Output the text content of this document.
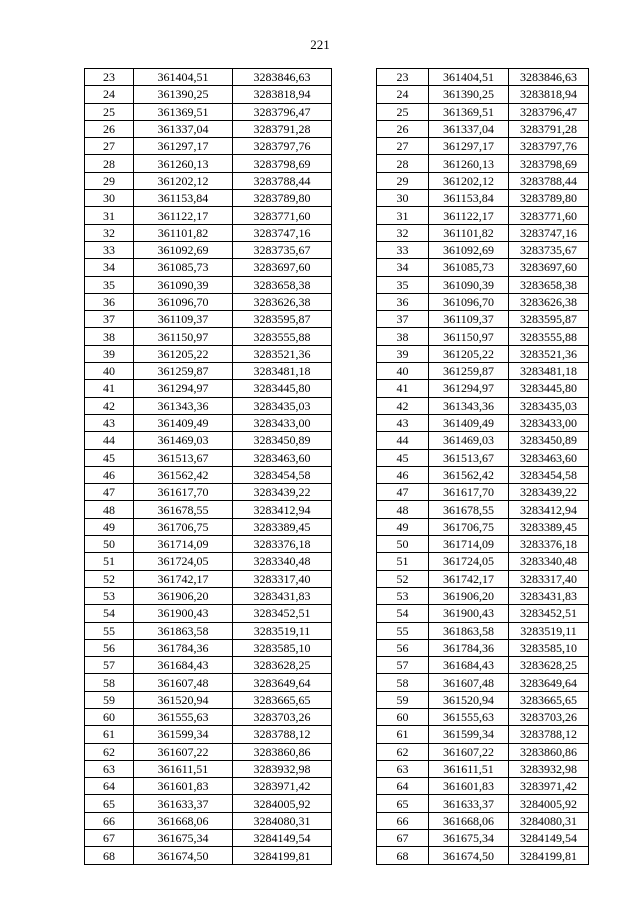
221
23	361404,51	3283846,63
24	361390,25	3283818,94
25	361369,51	3283796,47
26	361337,04	3283791,28
27	361297,17	3283797,76
28	361260,13	3283798,69
29	361202,12	3283788,44
30	361153,84	3283789,80
31	361122,17	3283771,60
32	361101,82	3283747,16
33	361092,69	3283735,67
34	361085,73	3283697,60
35	361090,39	3283658,38
36	361096,70	3283626,38
37	361109,37	3283595,87
38	361150,97	3283555,88
39	361205,22	3283521,36
40	361259,87	3283481,18
41	361294,97	3283445,80
42	361343,36	3283435,03
43	361409,49	3283433,00
44	361469,03	3283450,89
45	361513,67	3283463,60
46	361562,42	3283454,58
47	361617,70	3283439,22
48	361678,55	3283412,94
49	361706,75	3283389,45
50	361714,09	3283376,18
51	361724,05	3283340,48
52	361742,17	3283317,40
53	361906,20	3283431,83
54	361900,43	3283452,51
55	361863,58	3283519,11
56	361784,36	3283585,10
57	361684,43	3283628,25
58	361607,48	3283649,64
59	361520,94	3283665,65
60	361555,63	3283703,26
61	361599,34	3283788,12
62	361607,22	3283860,86
63	361611,51	3283932,98
64	361601,83	3283971,42
65	361633,37	3284005,92
66	361668,06	3284080,31
67	361675,34	3284149,54
68	361674,50	3284199,81
23	361404,51	3283846,63
24	361390,25	3283818,94
25	361369,51	3283796,47
26	361337,04	3283791,28
27	361297,17	3283797,76
28	361260,13	3283798,69
29	361202,12	3283788,44
30	361153,84	3283789,80
31	361122,17	3283771,60
32	361101,82	3283747,16
33	361092,69	3283735,67
34	361085,73	3283697,60
35	361090,39	3283658,38
36	361096,70	3283626,38
37	361109,37	3283595,87
38	361150,97	3283555,88
39	361205,22	3283521,36
40	361259,87	3283481,18
41	361294,97	3283445,80
42	361343,36	3283435,03
43	361409,49	3283433,00
44	361469,03	3283450,89
45	361513,67	3283463,60
46	361562,42	3283454,58
47	361617,70	3283439,22
48	361678,55	3283412,94
49	361706,75	3283389,45
50	361714,09	3283376,18
51	361724,05	3283340,48
52	361742,17	3283317,40
53	361906,20	3283431,83
54	361900,43	3283452,51
55	361863,58	3283519,11
56	361784,36	3283585,10
57	361684,43	3283628,25
58	361607,48	3283649,64
59	361520,94	3283665,65
60	361555,63	3283703,26
61	361599,34	3283788,12
62	361607,22	3283860,86
63	361611,51	3283932,98
64	361601,83	3283971,42
65	361633,37	3284005,92
66	361668,06	3284080,31
67	361675,34	3284149,54
68	361674,50	3284199,81
